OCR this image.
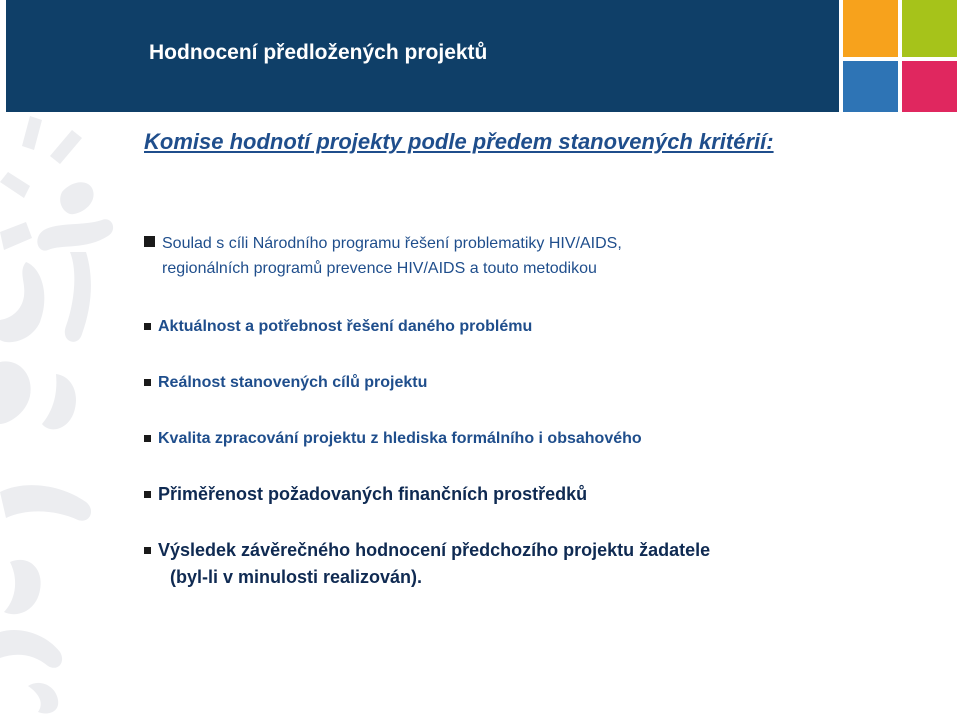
Hodnocení předložených projektů

Komise hodnotí projekty podle předem stanovených kritérií:

Soulad s cíli Národního programu řešení problematiky HIV/AIDS,
regionálních programů prevence HIV/AIDS a touto metodikou
Aktuálnost a potřebnost řešení daného problému
Reálnost stanovených cílů projektu
Kvalita zpracování projektu z hlediska formálního i obsahového
Přiměřenost požadovaných finančních prostředků
Výsledek závěrečného hodnocení předchozího projektu žadatele
(byl-li v minulosti realizován).
